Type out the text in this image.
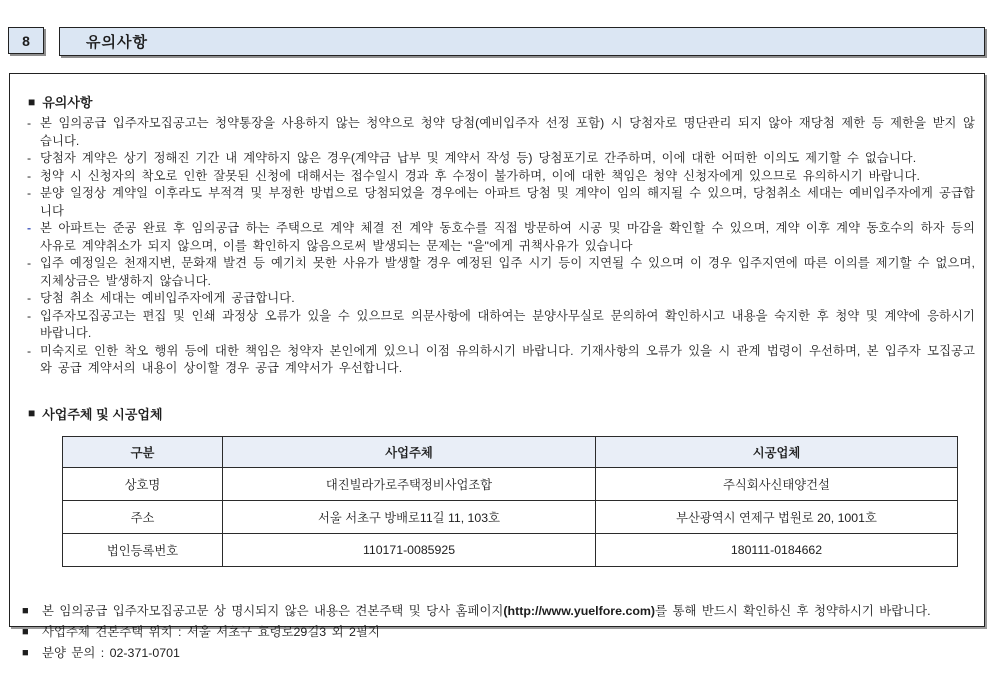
8	유의사항
■ 유의사항
- 본 임의공급 입주자모집공고는 청약통장을 사용하지 않는 청약으로 청약 당첨(예비입주자 선정 포함) 시 당첨자로 명단관리 되지 않아 재당첨 제한 등 제한을 받지 않습니다.
- 당첨자 계약은 상기 정해진 기간 내 계약하지 않은 경우(계약금 납부 및 계약서 작성 등) 당첨포기로 간주하며, 이에 대한 어떠한 이의도 제기할 수 없습니다.
- 청약 시 신청자의 착오로 인한 잘못된 신청에 대해서는 접수일시 경과 후 수정이 불가하며, 이에 대한 책임은 청약 신청자에게 있으므로 유의하시기 바랍니다.
- 분양 일정상 계약일 이후라도 부적격 및 부정한 방법으로 당첨되었을 경우에는 아파트 당첨 및 계약이 임의 해지될 수 있으며, 당첨취소 세대는 예비입주자에게 공급합니다
- 본 아파트는 준공 완료 후 임의공급 하는 주택으로 계약 체결 전 계약 동호수를 직접 방문하여 시공 및 마감을 확인할 수 있으며, 계약 이후 계약 동호수의 하자 등의 사유로 계약취소가 되지 않으며, 이를 확인하지 않음으로써 발생되는 문제는 "을"에게 귀책사유가 있습니다
- 입주 예정일은 천재지변, 문화재 발견 등 예기치 못한 사유가 발생할 경우 예정된 입주 시기 등이 지연될 수 있으며 이 경우 입주지연에 따른 이의를 제기할 수 없으며, 지체상금은 발생하지 않습니다.
- 당첨 취소 세대는 예비입주자에게 공급합니다.
- 입주자모집공고는 편집 및 인쇄 과정상 오류가 있을 수 있으므로 의문사항에 대하여는 분양사무실로 문의하여 확인하시고 내용을 숙지한 후 청약 및 계약에 응하시기 바랍니다.
- 미숙지로 인한 착오 행위 등에 대한 책임은 청약자 본인에게 있으니 이점 유의하시기 바랍니다. 기재사항의 오류가 있을 시 관계 법령이 우선하며, 본 입주자 모집공고와 공급 계약서의 내용이 상이할 경우 공급 계약서가 우선합니다.
■ 사업주체 및 시공업체
구분	사업주체	시공업체
상호명	대진빌라가로주택정비사업조합	주식회사신태양건설
주소	서울 서초구 방배로11길 11, 103호	부산광역시 연제구 법원로 20, 1001호
법인등록번호	110171-0085925	180111-0184662
■	본 임의공급 입주자모집공고문 상 명시되지 않은 내용은 견본주택 및 당사 홈페이지(http://www.yuelfore.com)를 통해 반드시 확인하신 후 청약하시기 바랍니다.
■	사업주체 견본주택 위치 : 서울 서초구 효령로29길3 외 2필지
■	분양 문의 : 02-371-0701
